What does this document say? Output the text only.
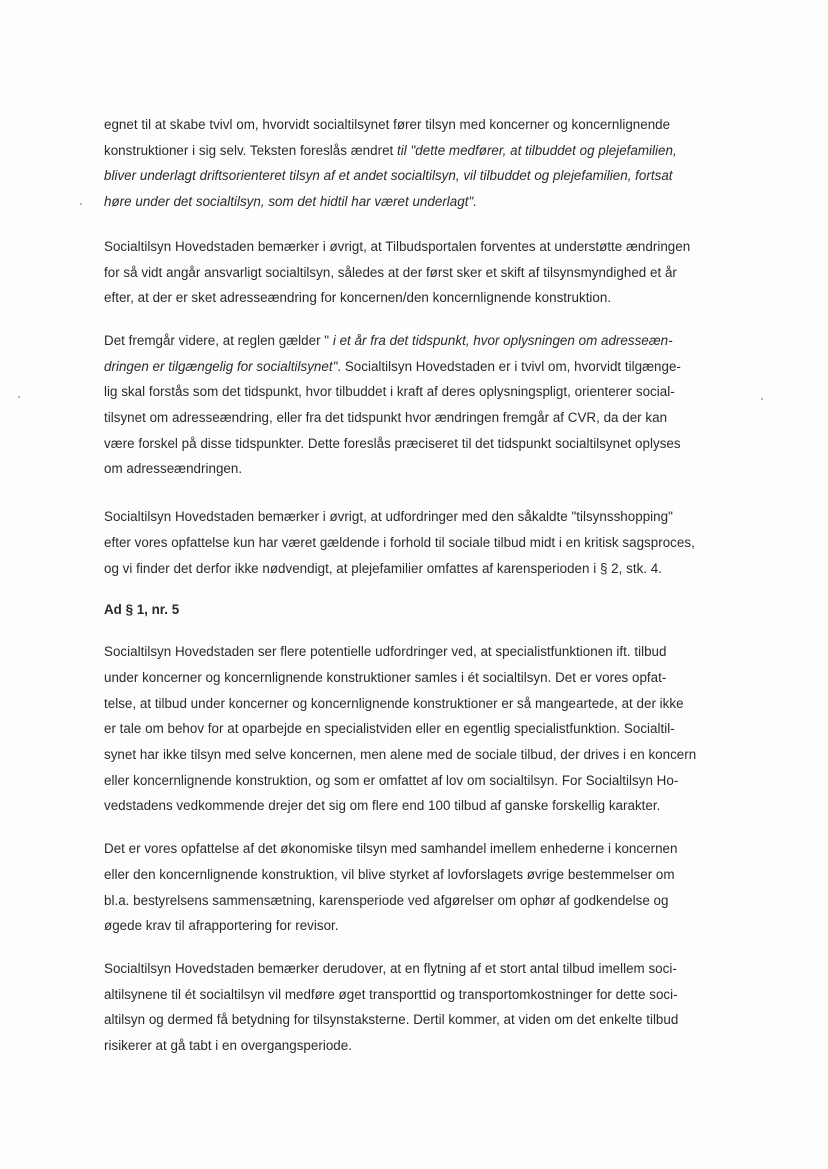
egnet til at skabe tvivl om, hvorvidt socialtilsynet fører tilsyn med koncerner og koncernlignende
konstruktioner i sig selv. Teksten foreslås ændret til "dette medfører, at tilbuddet og plejefamilien,
bliver underlagt driftsorienteret tilsyn af et andet socialtilsyn, vil tilbuddet og plejefamilien, fortsat
høre under det socialtilsyn, som det hidtil har været underlagt".

Socialtilsyn Hovedstaden bemærker i øvrigt, at Tilbudsportalen forventes at understøtte ændringen
for så vidt angår ansvarligt socialtilsyn, således at der først sker et skift af tilsynsmyndighed et år
efter, at der er sket adresseændring for koncernen/den koncernlignende konstruktion.

Det fremgår videre, at reglen gælder " i et år fra det tidspunkt, hvor oplysningen om adresseæn-
dringen er tilgængelig for socialtilsynet". Socialtilsyn Hovedstaden er i tvivl om, hvorvidt tilgænge-
lig skal forstås som det tidspunkt, hvor tilbuddet i kraft af deres oplysningspligt, orienterer social-
tilsynet om adresseændring, eller fra det tidspunkt hvor ændringen fremgår af CVR, da der kan
være forskel på disse tidspunkter. Dette foreslås præciseret til det tidspunkt socialtilsynet oplyses
om adresseændringen.

Socialtilsyn Hovedstaden bemærker i øvrigt, at udfordringer med den såkaldte "tilsynsshopping"
efter vores opfattelse kun har været gældende i forhold til sociale tilbud midt i en kritisk sagsproces,
og vi finder det derfor ikke nødvendigt, at plejefamilier omfattes af karensperioden i § 2, stk. 4.

Ad § 1, nr. 5

Socialtilsyn Hovedstaden ser flere potentielle udfordringer ved, at specialistfunktionen ift. tilbud
under koncerner og koncernlignende konstruktioner samles i ét socialtilsyn. Det er vores opfat-
telse, at tilbud under koncerner og koncernlignende konstruktioner er så mangeartede, at der ikke
er tale om behov for at oparbejde en specialistviden eller en egentlig specialistfunktion. Socialtil-
synet har ikke tilsyn med selve koncernen, men alene med de sociale tilbud, der drives i en koncern
eller koncernlignende konstruktion, og som er omfattet af lov om socialtilsyn. For Socialtilsyn Ho-
vedstadens vedkommende drejer det sig om flere end 100 tilbud af ganske forskellig karakter.

Det er vores opfattelse af det økonomiske tilsyn med samhandel imellem enhederne i koncernen
eller den koncernlignende konstruktion, vil blive styrket af lovforslagets øvrige bestemmelser om
bl.a. bestyrelsens sammensætning, karensperiode ved afgørelser om ophør af godkendelse og
øgede krav til afrapportering for revisor.

Socialtilsyn Hovedstaden bemærker derudover, at en flytning af et stort antal tilbud imellem soci-
altilsynene til ét socialtilsyn vil medføre øget transporttid og transportomkostninger for dette soci-
altilsyn og dermed få betydning for tilsynstaksterne. Dertil kommer, at viden om det enkelte tilbud
risikerer at gå tabt i en overgangsperiode.
